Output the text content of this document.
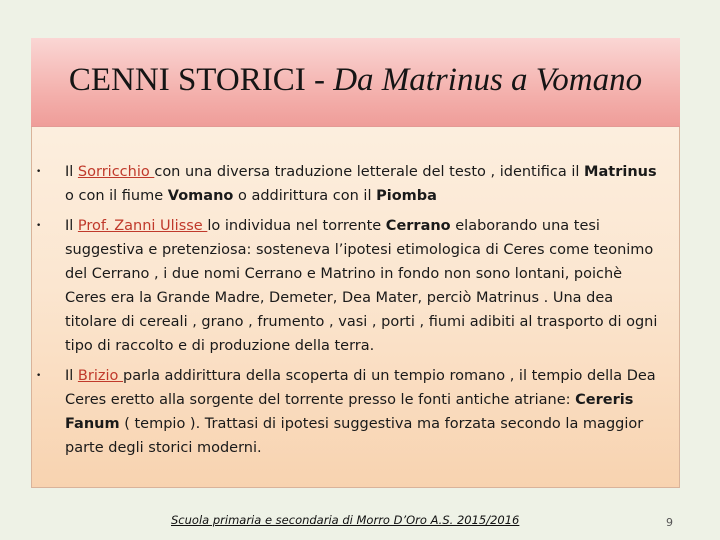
CENNI STORICI - Da Matrinus a Vomano
• Il Sorricchio con una diversa traduzione letterale del testo , identifica il Matrinus o con il fiume Vomano o addirittura con il Piomba
• Il Prof. Zanni Ulisse lo individua nel torrente Cerrano elaborando una tesi suggestiva e pretenziosa: sosteneva l’ipotesi etimologica di Ceres come teonimo del Cerrano , i due nomi Cerrano e Matrino in fondo non sono lontani, poichè Ceres era la Grande Madre, Demeter, Dea Mater, perciò Matrinus . Una dea titolare di cereali , grano , frumento , vasi , porti , fiumi adibiti al trasporto di ogni tipo di raccolto e di produzione della terra.
• Il Brizio parla addirittura della scoperta di un tempio romano , il tempio della Dea Ceres eretto alla sorgente del torrente presso le fonti antiche atriane: Cereris Fanum ( tempio ). Trattasi di ipotesi suggestiva ma forzata secondo la maggior parte degli storici moderni.
Scuola primaria e secondaria di Morro D’Oro A.S. 2015/2016	9
